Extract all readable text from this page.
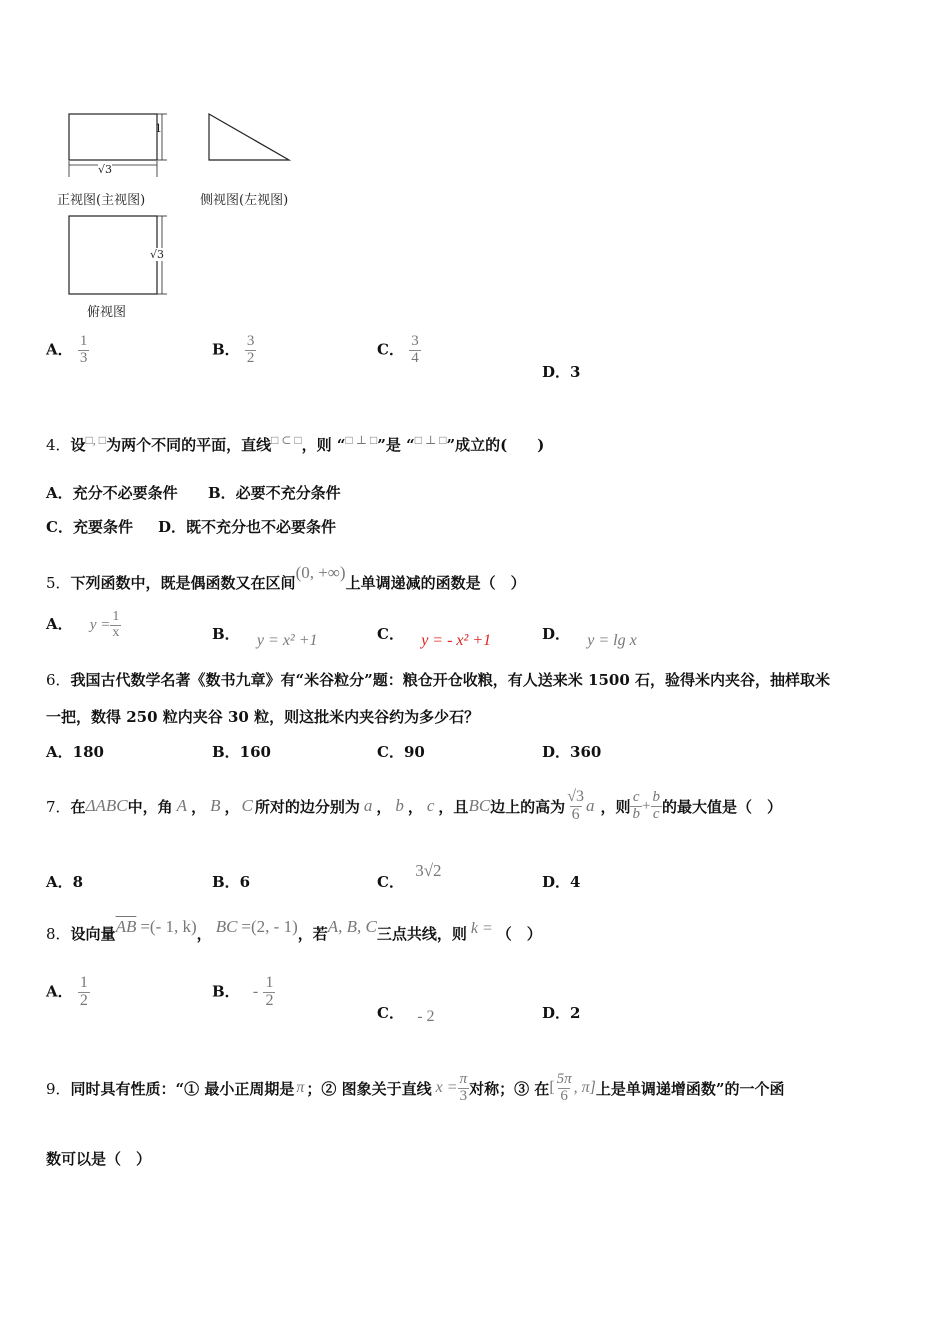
1
√3
√3
正视图(主视图)	侧视图(左视图)
俯视图
A． $\frac{1}{3}$	B． $\frac{3}{2}$	C． $\frac{3}{4}$
D．3
4．设□, □为两个不同的平面，直线□ ⊂ □，则 “□ ⊥ □”是 “□ ⊥ □”成立的(　　)
A．充分不必要条件 B．必要不充分条件
C．充要条件 D．既不充分也不必要条件
5．下列函数中，既是偶函数又在区间(0, +∞)上单调递减的函数是（　）
A． $y = \frac{1}{x}$	B． y = x² +1	C． y = - x² +1	D． y = lg x
6．我国古代数学名著《数书九章》有“米谷粒分”题：粮仓开仓收粮，有人送来米 1500 石，验得米内夹谷，抽样取米
一把，数得 250 粒内夹谷 30 粒，则这批米内夹谷约为多少石？
A．180	B．160	C．90	D．360
7． 在 ΔABC 中，角 A ， B ， C 所对的边分别为 a ， b ， c ，且 BC 边上的高为 $\frac{√3}{6}$ a ，则 $\frac{c}{b} + \frac{b}{c}$ 的最大值是（　）
A．8	B．6	C． 3√2
D．4
8． 设向量 $\overline{AB}$ =(- 1, k) ， BC =(2, - 1) ，若 A, B, C 三点共线，则 k = （　）
A． $\frac{1}{2}$	B． - $\frac{1}{2}$
C． - 2	D．2
9． 同时具有性质：“① 最小正周期是 π ；② 图象关于直线 $x = \frac{\pi}{3}$ 对称；③ 在 [ $\frac{5\pi}{6}$ , π] 上是单调递增函数”的一个函
数可以是（　）
